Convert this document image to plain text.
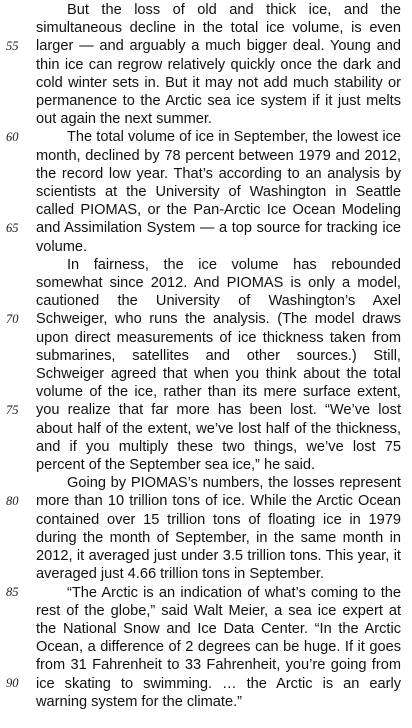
55
60
65
70
75
80
85
90

But the loss of old and thick ice, and the simultaneous decline in the total ice volume, is even larger — and arguably a much bigger deal. Young and thin ice can regrow relatively quickly once the dark and cold winter sets in. But it may not add much stability or permanence to the Arctic sea ice system if it just melts out again the next summer.

The total volume of ice in September, the lowest ice month, declined by 78 percent between 1979 and 2012, the record low year. That’s according to an analysis by scientists at the University of Washington in Seattle called PIOMAS, or the Pan-Arctic Ice Ocean Modeling and Assimilation System — a top source for tracking ice volume.

In fairness, the ice volume has rebounded somewhat since 2012. And PIOMAS is only a model, cautioned the University of Washington’s Axel Schweiger, who runs the analysis. (The model draws upon direct measurements of ice thickness taken from submarines, satellites and other sources.) Still, Schweiger agreed that when you think about the total volume of the ice, rather than its mere surface extent, you realize that far more has been lost. “We’ve lost about half of the extent, we’ve lost half of the thickness, and if you multiply these two things, we’ve lost 75 percent of the September sea ice,” he said.

Going by PIOMAS’s numbers, the losses represent more than 10 trillion tons of ice. While the Arctic Ocean contained over 15 trillion tons of floating ice in 1979 during the month of September, in the same month in 2012, it averaged just under 3.5 trillion tons. This year, it averaged just 4.66 trillion tons in September.

“The Arctic is an indication of what’s coming to the rest of the globe,” said Walt Meier, a sea ice expert at the National Snow and Ice Data Center. “In the Arctic Ocean, a difference of 2 degrees can be huge. If it goes from 31 Fahrenheit to 33 Fahrenheit, you’re going from ice skating to swimming. … the Arctic is an early warning system for the climate.”
